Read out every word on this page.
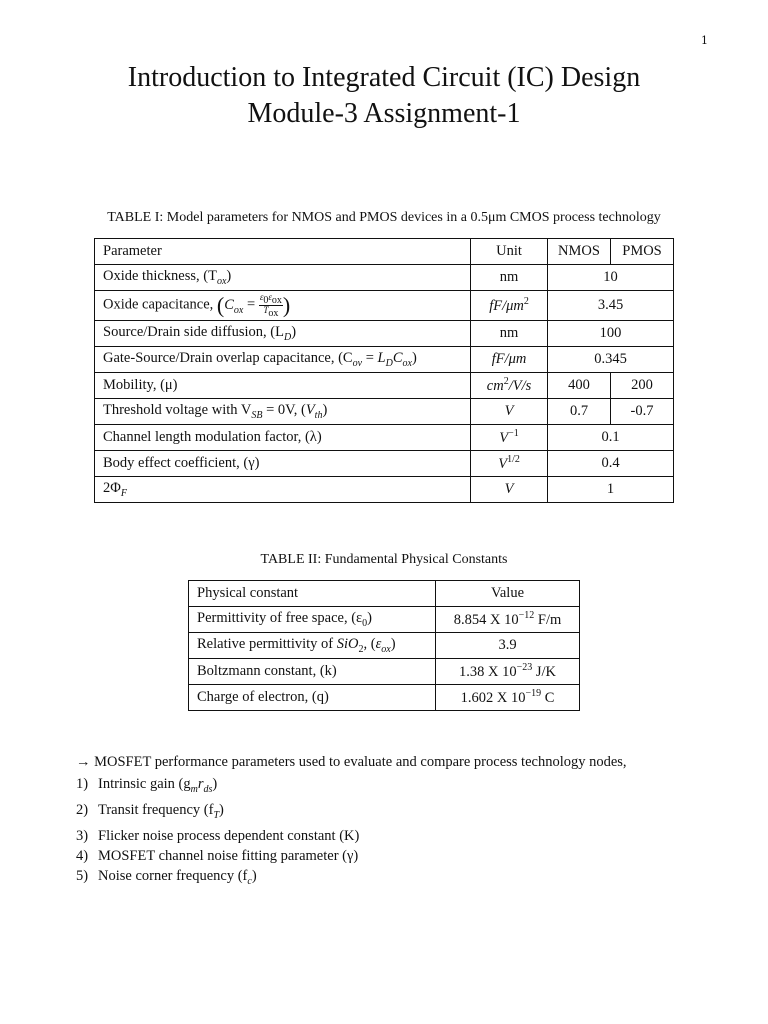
1
Introduction to Integrated Circuit (IC) Design
Module-3 Assignment-1
TABLE I: Model parameters for NMOS and PMOS devices in a 0.5μm CMOS process technology
Parameter	Unit	NMOS	PMOS
Oxide thickness, $(T_{ox})$	nm	10	
Oxide capacitance, ($C_{ox} = \frac{\varepsilon_0\varepsilon_{ox}}{T_{ox}}$ )	$fF/\mu m^2$	3.45	
Source/Drain side diffusion, $(L_D)$	nm	100	
Gate-Source/Drain overlap capacitance, $(C_{ov} = L_DC_{ox})$	fF/μm	0.345	
Mobility, (μ)	$cm^2/V/s$	400	200
Threshold voltage with $V_{SB} = 0V$, $(V_{th})$	V	0.7	-0.7
Channel length modulation factor, (λ)	$V^{-1}$	0.1	
Body effect coefficient, (γ)	$V^{1/2}$	0.4	
$2\Phi_F$	V	1	
TABLE II: Fundamental Physical Constants
Physical constant	Value
Permittivity of free space, $(\varepsilon_0)$	8.854 X $10^{-12}$ F/m
Relative permittivity of SiO$_2$, $(\varepsilon_{ox})$	3.9
Boltzmann constant, (k)	1.38 X $10^{-23}$ J/K
Charge of electron, (q)	1.602 X $10^{-19}$ C
→ MOSFET performance parameters used to evaluate and compare process technology nodes,
1) Intrinsic gain $(g_mr_{ds})$
2) Transit frequency $(f_T)$
3) Flicker noise process dependent constant (K)
4) MOSFET channel noise fitting parameter (γ)
5) Noise corner frequency $(f_c)$
